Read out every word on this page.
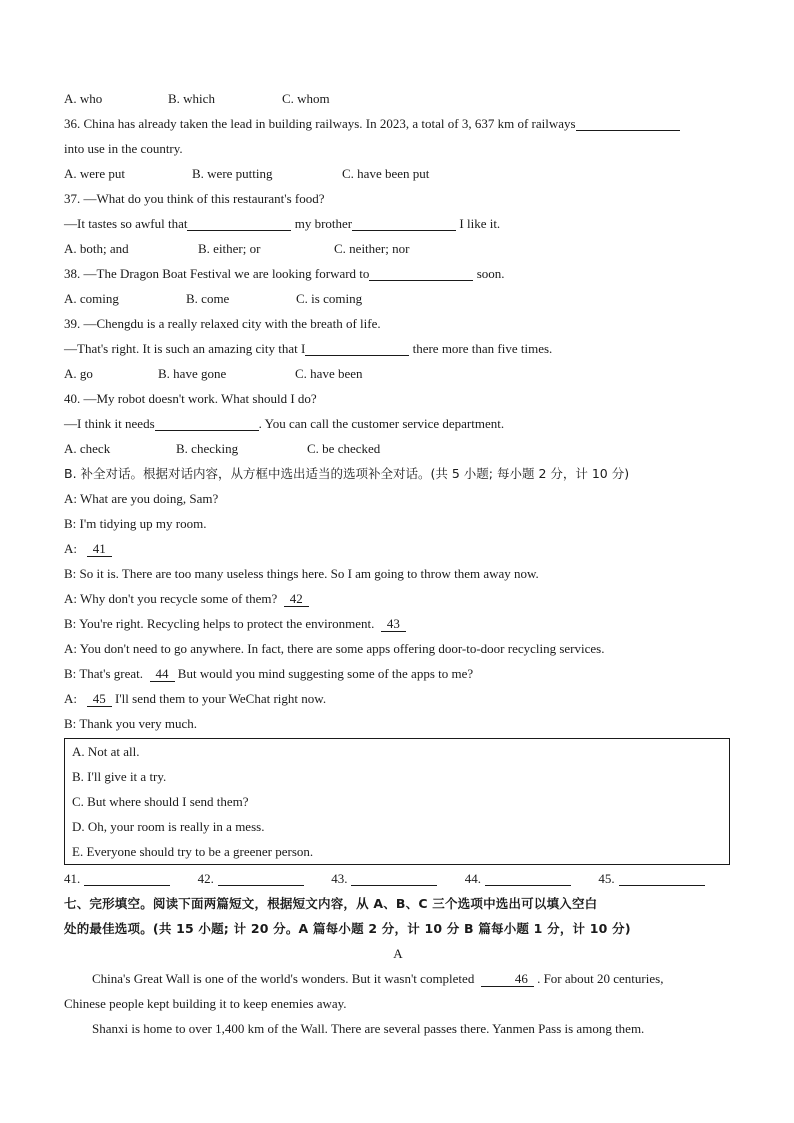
A. who	B. which	C. whom
36. China has already taken the lead in building railways. In 2023, a total of 3, 637 km of railways
into use in the country.
A. were put	B. were putting	C. have been put
37. —What do you think of this restaurant's food?
—It tastes so awful that	my brother	I like it.
A. both; and	B. either; or	C. neither; nor
38. —The Dragon Boat Festival we are looking forward to	soon.
A. coming	B. come	C. is coming
39. —Chengdu is a really relaxed city with the breath of life.
—That's right. It is such an amazing city that I	there more than five times.
A. go	B. have gone	C. have been
40. —My robot doesn't work. What should I do?
—I think it needs	. You can call the customer service department.
A. check	B. checking	C. be checked
B. 补全对话。根据对话内容，从方框中选出适当的选项补全对话。(共 5 小题; 每小题 2 分，计 10 分)
A: What are you doing, Sam?
B: I'm tidying up my room.
A: 41
B: So it is. There are too many useless things here. So I am going to throw them away now.
A: Why don't you recycle some of them? 42
B: You're right. Recycling helps to protect the environment. 43
A: You don't need to go anywhere. In fact, there are some apps offering door-to-door recycling services.
B: That's great. 44 But would you mind suggesting some of the apps to me?
A: 45 I'll send them to your WeChat right now.
B: Thank you very much.
A. Not at all.
B. I'll give it a try.
C. But where should I send them?
D. Oh, your room is really in a mess.
E. Everyone should try to be a greener person.
41.	42.	43.	44.	45.
七、完形填空。阅读下面两篇短文，根据短文内容，从 A、B、C 三个选项中选出可以填入空白
处的最佳选项。(共 15 小题; 计 20 分。A 篇每小题 2 分，计 10 分 B 篇每小题 1 分，计 10 分)
A
China's Great Wall is one of the world's wonders. But it wasn't completed	46 . For about 20 centuries,
Chinese people kept building it to keep enemies away.
Shanxi is home to over 1,400 km of the Wall. There are several passes there. Yanmen Pass is among them.
